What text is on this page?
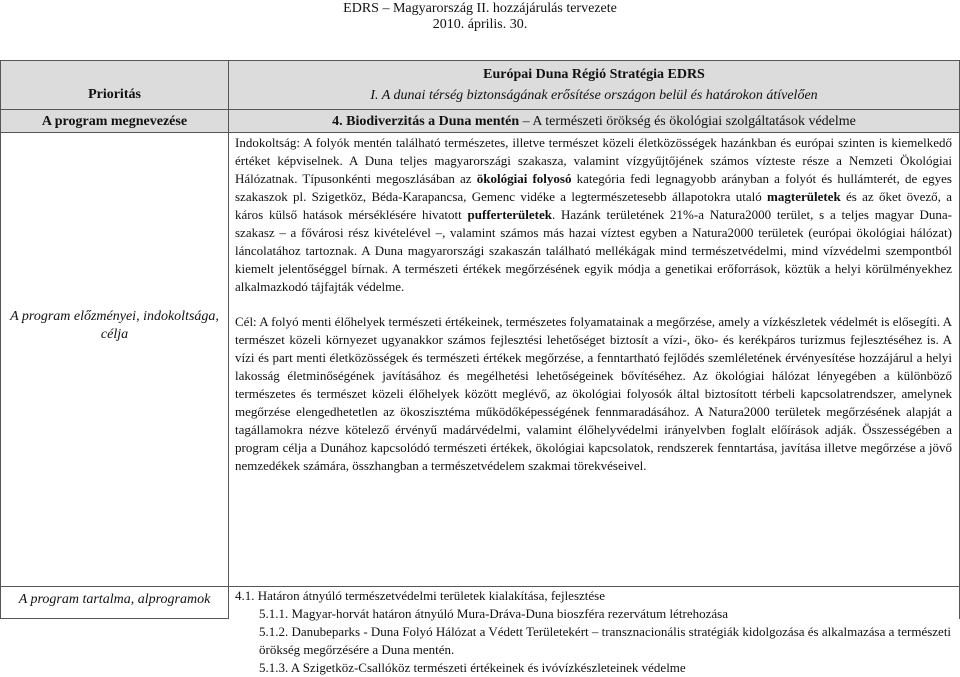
EDRS – Magyarország II. hozzájárulás tervezete
2010. április. 30.
Prioritás
Európai Duna Régió Stratégia EDRS
I. A dunai térség biztonságának erősítése országon belül és határokon átívelően
A program megnevezése	4. Biodiverzitás a Duna mentén – A természeti örökség és ökológiai szolgáltatások védelme
A program előzményei, indokoltsága, célja

Indokoltság: A folyók mentén található természetes, illetve természet közeli életközösségek hazánkban és európai szinten is kiemelkedő értéket képviselnek. A Duna teljes magyarországi szakasza, valamint vízgyűjtőjének számos vízteste része a Nemzeti Ökológiai Hálózatnak. Típusonkénti megoszlásában az ökológiai folyosó kategória fedi legnagyobb arányban a folyót és hullámterét, de egyes szakaszok pl. Szigetköz, Béda-Karapancsa, Gemenc vidéke a legtermészetesebb állapotokra utaló magterületek és az őket övező, a káros külső hatások mérséklésére hivatott pufferterületek. Hazánk területének 21%-a Natura2000 terület, s a teljes magyar Duna-szakasz – a fővárosi rész kivételével –, valamint számos más hazai víztest egyben a Natura2000 területek (európai ökológiai hálózat) láncolatához tartoznak. A Duna magyarországi szakaszán található mellékágak mind természetvédelmi, mind vízvédelmi szempontból kiemelt jelentőséggel bírnak. A természeti értékek megőrzésének egyik módja a genetikai erőforrások, köztük a helyi körülményekhez alkalmazkodó tájfajták védelme.

Cél: A folyó menti élőhelyek természeti értékeinek, természetes folyamatainak a megőrzése, amely a vízkészletek védelmét is elősegíti. A természet közeli környezet ugyanakkor számos fejlesztési lehetőséget biztosít a vízi-, öko- és kerékpáros turizmus fejlesztéséhez is. A vízi és part menti életközösségek és természeti értékek megőrzése, a fenntartható fejlődés szemléletének érvényesítése hozzájárul a helyi lakosság életminőségének javításához és megélhetési lehetőségeinek bővítéséhez. Az ökológiai hálózat lényegében a különböző természetes és természet közeli élőhelyek között meglévő, az ökológiai folyosók által biztosított térbeli kapcsolatrendszer, amelynek megőrzése elengedhetetlen az ökoszisztéma működőképességének fennmaradásához. A Natura2000 területek megőrzésének alapját a tagállamokra nézve kötelező érvényű madárvédelmi, valamint élőhelyvédelmi irányelvben foglalt előírások adják. Összességében a program célja a Dunához kapcsolódó természeti értékek, ökológiai kapcsolatok, rendszerek fenntartása, javítása illetve megőrzése a jövő nemzedékek számára, összhangban a természetvédelem szakmai törekvéseivel.

A program tartalma, alprogramok	4.1. Határon átnyúló természetvédelmi területek kialakítása, fejlesztése
5.1.1. Magyar-horvát határon átnyúló Mura-Dráva-Duna bioszféra rezervátum létrehozása
5.1.2. Danubeparks - Duna Folyó Hálózat a Védett Területekért – transznacionális stratégiák kidolgozása és alkalmazása a természeti örökség megőrzésére a Duna mentén.
5.1.3. A Szigetköz-Csallóköz természeti értékeinek és ivóvízkészleteinek védelme
